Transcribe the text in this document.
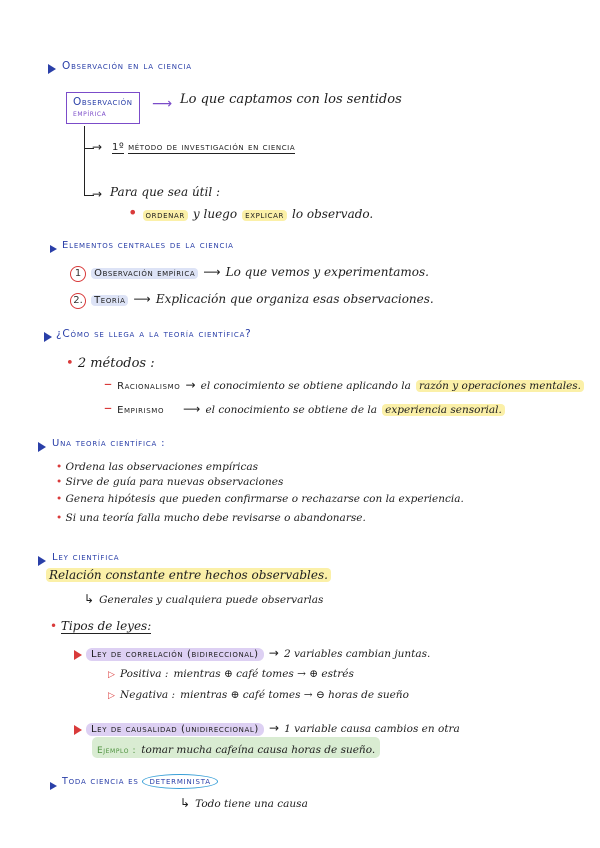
Observación en la ciencia
Observación
empírica
⟶ Lo que captamos con los sentidos
→ 1º método de investigación en ciencia
→ Para que sea útil :
• ordenar y luego explicar lo observado.
Elementos centrales de la ciencia
1 Observación empírica ⟶ Lo que vemos y experimentamos.
2. Teoría ⟶ Explicación que organiza esas observaciones.
¿Cómo se llega a la teoría científica?
• 2 métodos :
– Racionalismo → el conocimiento se obtiene aplicando la razón y operaciones mentales.
– Empirismo ⟶ el conocimiento se obtiene de la experiencia sensorial.
Una teoría científica :
• Ordena las observaciones empíricas
• Sirve de guía para nuevas observaciones
• Genera hipótesis que pueden confirmarse o rechazarse con la experiencia.
• Si una teoría falla mucho debe revisarse o abandonarse.
Ley científica
Relación constante entre hechos observables.
↳ Generales y cualquiera puede observarlas
• Tipos de leyes:
Ley de correlación (bidireccional) → 2 variables cambian juntas.
▷ Positiva : mientras ⊕ café tomes → ⊕ estrés
▷ Negativa : mientras ⊕ café tomes → ⊖ horas de sueño
Ley de causalidad (unidireccional) → 1 variable causa cambios en otra
Ejemplo : tomar mucha cafeína causa horas de sueño.
Toda ciencia es determinista
↳ Todo tiene una causa
